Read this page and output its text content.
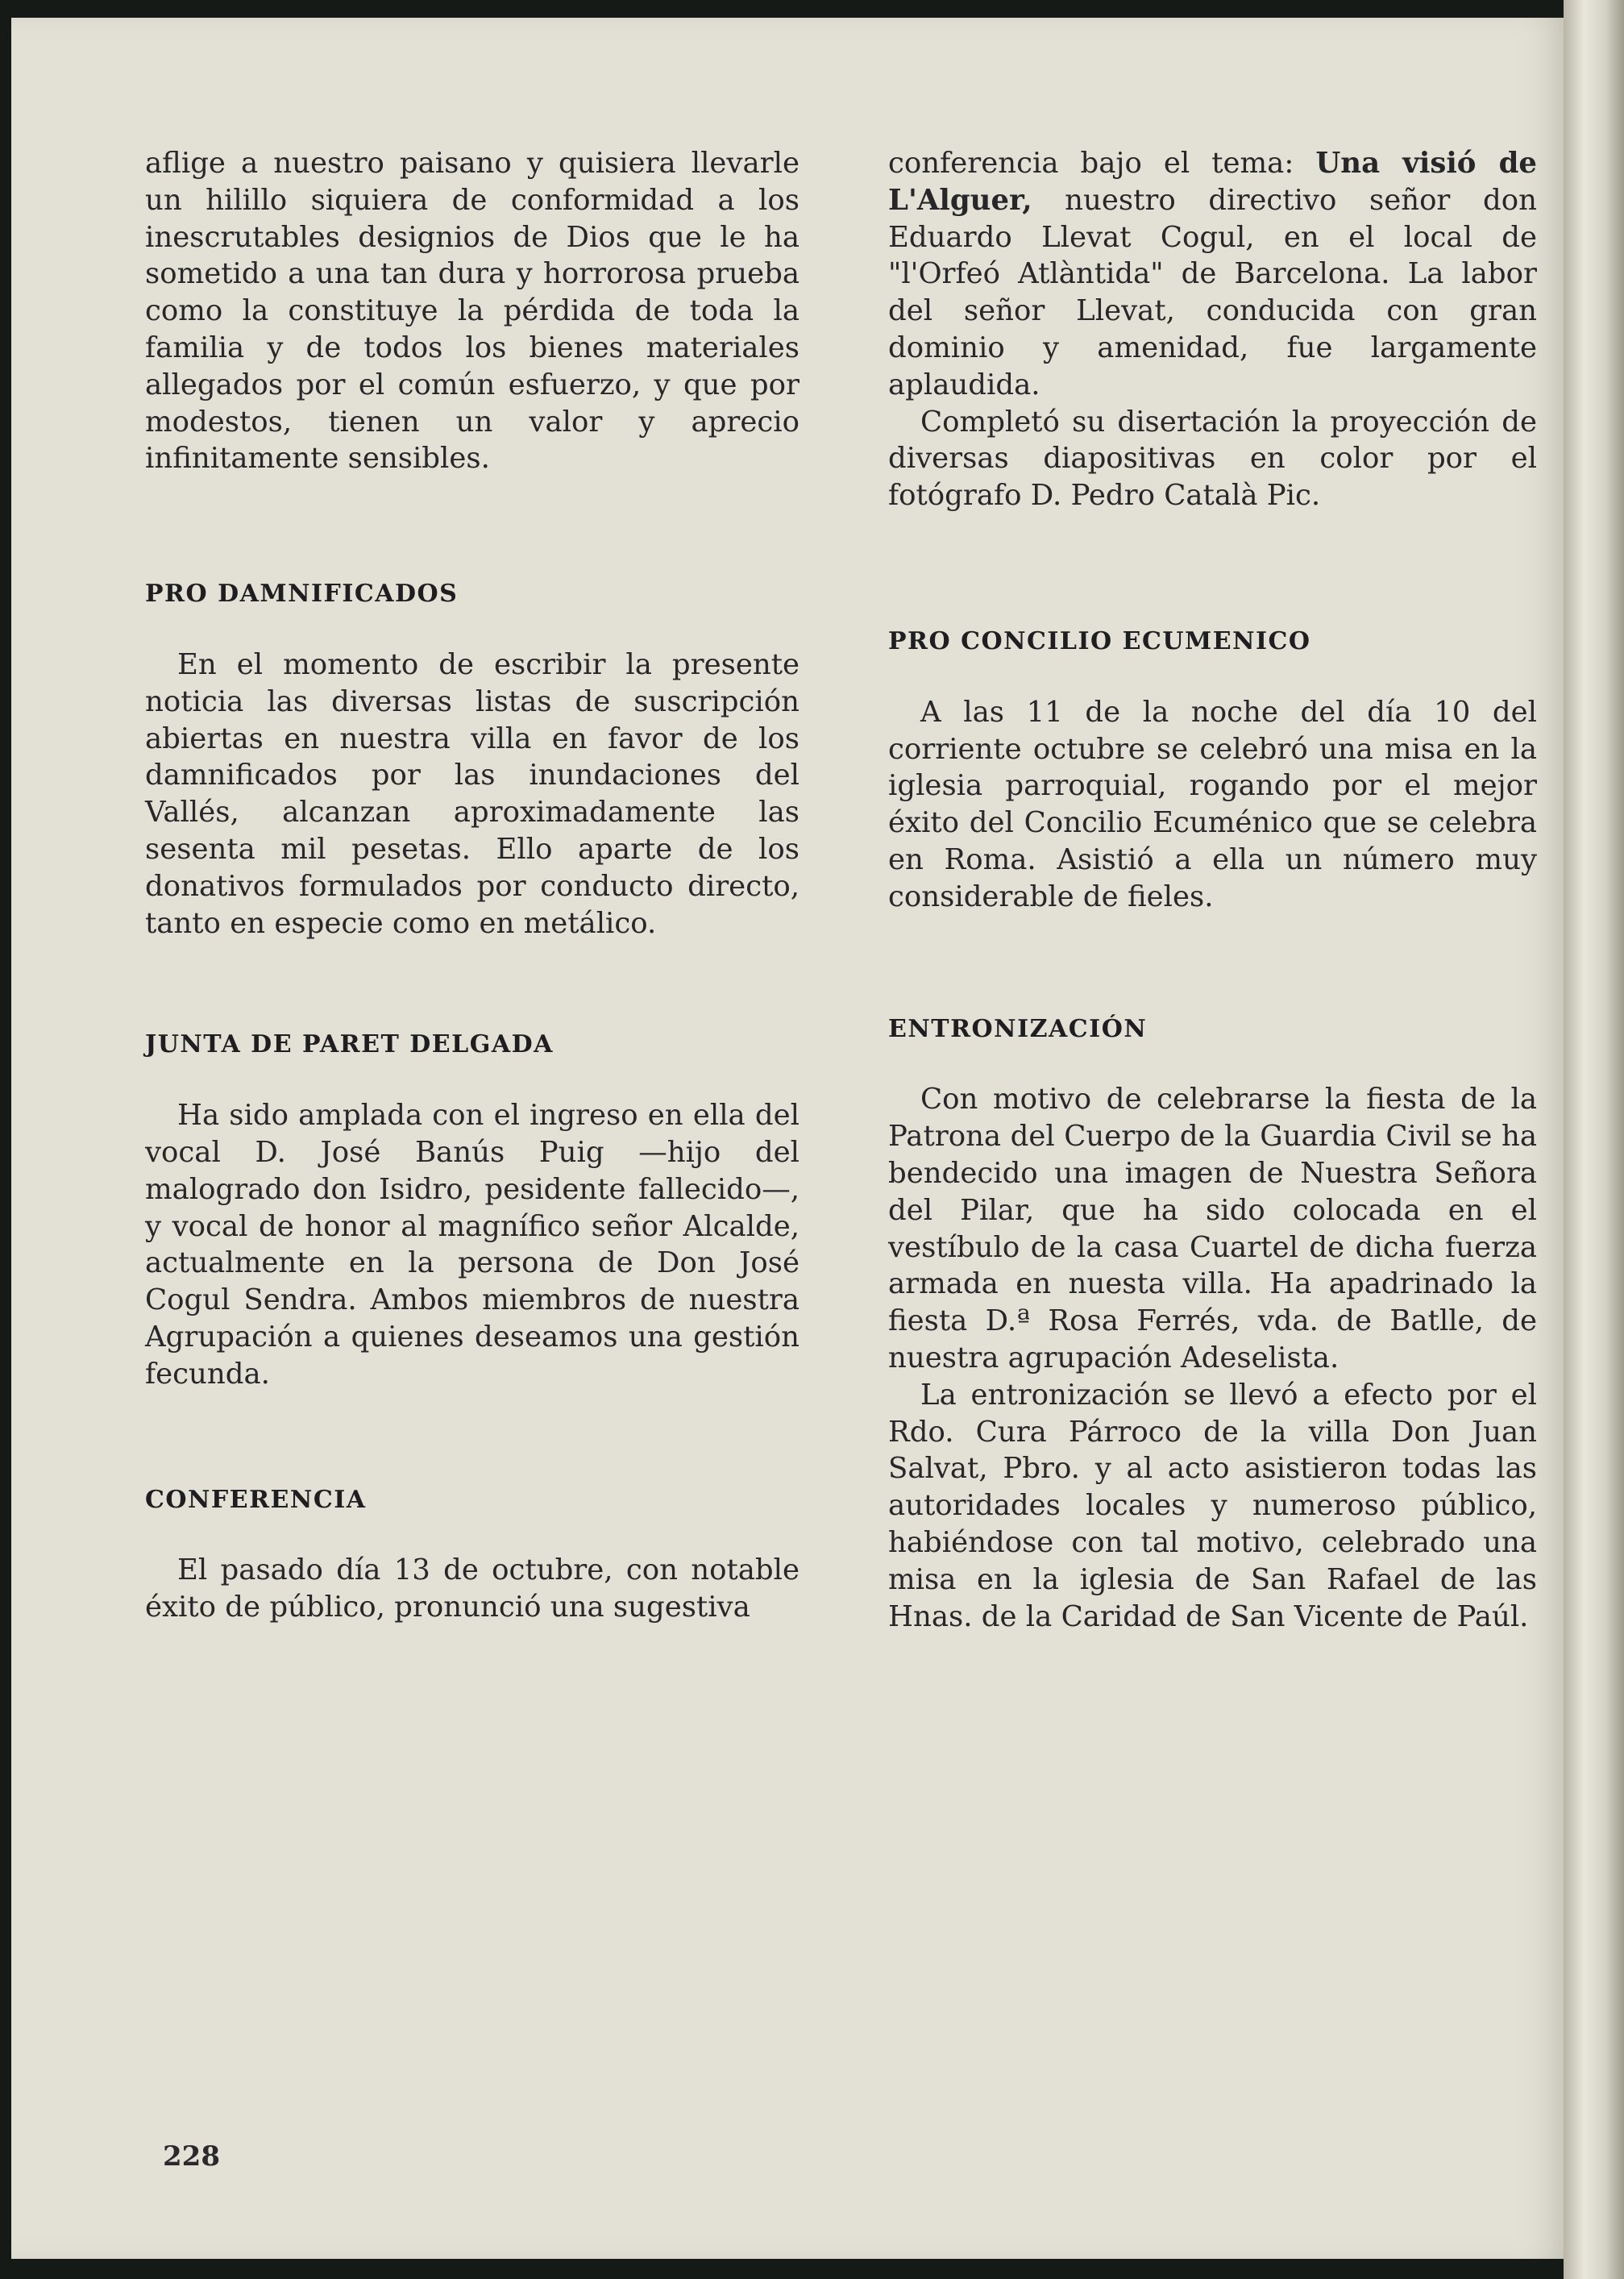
aflige a nuestro paisano y quisiera llevarle un hilillo siquiera de conformidad a los inescrutables designios de Dios que le ha sometido a una tan dura y horrorosa prueba como la constituye la pérdida de toda la familia y de todos los bienes materiales allegados por el común esfuerzo, y que por modestos, tienen un valor y aprecio infinitamente sensibles.

PRO DAMNIFICADOS

En el momento de escribir la presente noticia las diversas listas de suscripción abiertas en nuestra villa en favor de los damnificados por las inundaciones del Vallés, alcanzan aproximadamente las sesenta mil pesetas. Ello aparte de los donativos formulados por conducto directo, tanto en especie como en metálico.

JUNTA DE PARET DELGADA

Ha sido amplada con el ingreso en ella del vocal D. José Banús Puig —hijo del malogrado don Isidro, pesidente fallecido—, y vocal de honor al magnífico señor Alcalde, actualmente en la persona de Don José Cogul Sendra. Ambos miembros de nuestra Agrupación a quienes deseamos una gestión fecunda.

CONFERENCIA

El pasado día 13 de octubre, con notable éxito de público, pronunció una sugestiva

conferencia bajo el tema: Una visió de L'Alguer, nuestro directivo señor don Eduardo Llevat Cogul, en el local de "l'Orfeó Atlàntida" de Barcelona. La labor del señor Llevat, conducida con gran dominio y amenidad, fue largamente aplaudida.

Completó su disertación la proyección de diversas diapositivas en color por el fotógrafo D. Pedro Català Pic.

PRO CONCILIO ECUMENICO

A las 11 de la noche del día 10 del corriente octubre se celebró una misa en la iglesia parroquial, rogando por el mejor éxito del Concilio Ecuménico que se celebra en Roma. Asistió a ella un número muy considerable de fieles.

ENTRONIZACIÓN

Con motivo de celebrarse la fiesta de la Patrona del Cuerpo de la Guardia Civil se ha bendecido una imagen de Nuestra Señora del Pilar, que ha sido colocada en el vestíbulo de la casa Cuartel de dicha fuerza armada en nuesta villa. Ha apadrinado la fiesta D.ª Rosa Ferrés, vda. de Batlle, de nuestra agrupación Adeselista.

La entronización se llevó a efecto por el Rdo. Cura Párroco de la villa Don Juan Salvat, Pbro. y al acto asistieron todas las autoridades locales y numeroso público, habiéndose con tal motivo, celebrado una misa en la iglesia de San Rafael de las Hnas. de la Caridad de San Vicente de Paúl.

228
